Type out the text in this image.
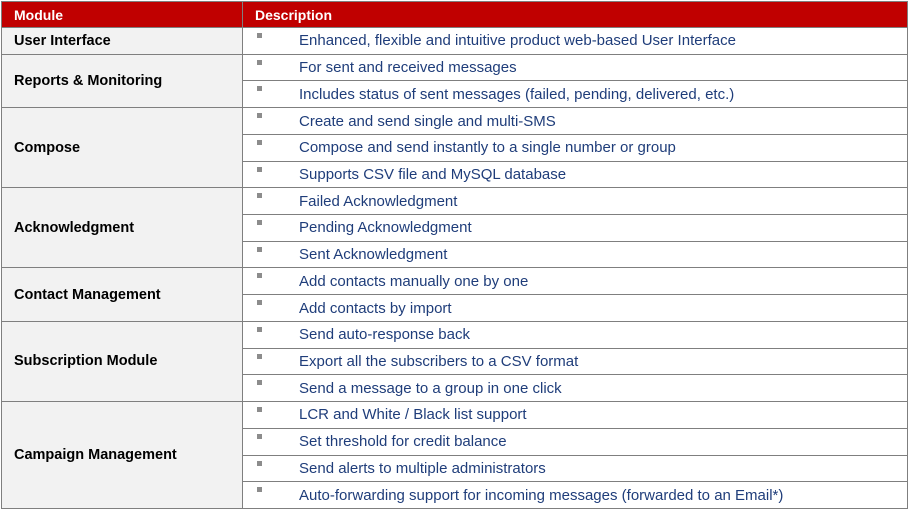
Module	Description
User Interface	Enhanced, flexible and intuitive product web-based User Interface

Reports & Monitoring	For sent and received messages

	Includes status of sent messages (failed, pending, delivered, etc.)

Compose	Create and send single and multi-SMS

	Compose and send instantly to a single number or group

	Supports CSV file and MySQL database

Acknowledgment	Failed Acknowledgment

	Pending Acknowledgment

	Sent Acknowledgment

Contact Management	Add contacts manually one by one

	Add contacts by import

Subscription Module	Send auto-response back

	Export all the subscribers to a CSV format

	Send a message to a group in one click

Campaign Management	LCR and White / Black list support

	Set threshold for credit balance

	Send alerts to multiple administrators

	Auto-forwarding support for incoming messages (forwarded to an Email*)
